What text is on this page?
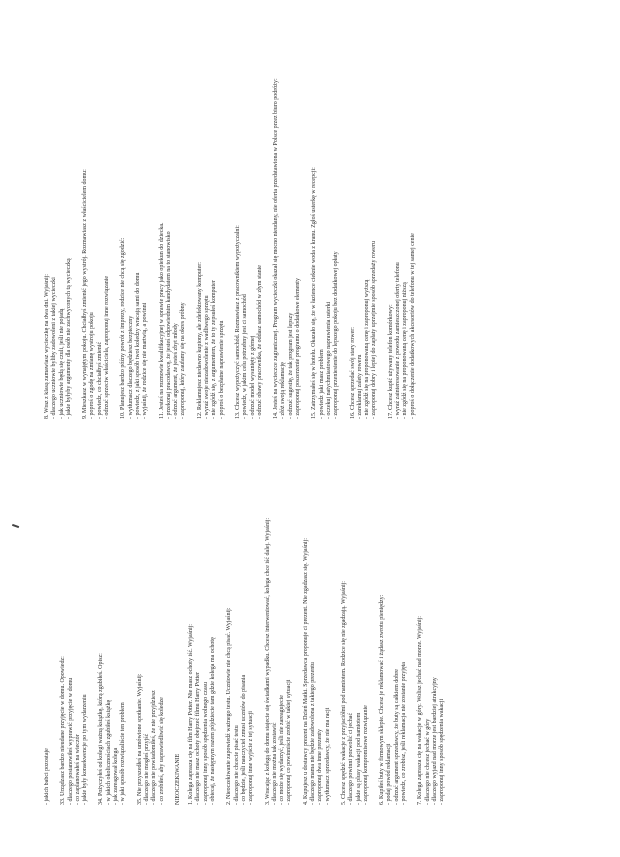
- jakich babci pozostaje 33. Urządzasz bardzo nieudane przyjęcie w domu. Opowiedz: - dlaczego postanowiłeś wyprawić przyjęcie w domu - co zaplanowałeś na wieczór - jakie były konsekwencje po tym wydarzeniu 34. Pożyczyłeś od kolegi ważną książkę, którą zgubiłeś. Opisz: - w jakich okolicznościach zgubiłeś książkę - jak zareagował kolega - w jaki sposób rozwiązaliście ten problem 35. Nie przyszedłeś na umówione spotkanie. Wyjaśnij: - dlaczego nie mogłeś przyjść - dlaczego nie powiadomiłeś, że nie przyjdziesz - co zrobiłeś, aby usprawiedliwić się koledze NIEOCZEKIWANIE 1. Kolega zaprasza cię na film Harry Potter. Nie masz ochoty iść. Wyjaśnij: - dlaczego nie masz ochoty obejrzeć filmu Harry Potter - zaproponuj inny sposób spędzenia wolnego czasu - obiecaj, że następnym razem pójdziecie tam gdzie kolega ma ochotę 2. Nieoczekiwanie zapowiedź ważnego testu. Uczniowie nie chcą pisać. Wyjaśnij: - dlaczego nie chcecie pisać testu - co będzie, jeśli nauczyciel zmusi uczniów do pisania - zaproponuj inne wyjście z tej sytuacji 3. Wracając z kolegą do domu stajecie się świadkami wypadku. Chcesz interweniować, kolega chce iść dalej. Wyjaśnij: - dlaczego nie można tak zostawić - co może się wydarzyć, jeśli nie zareagujecie - zaproponuj co powinniście zrobić w takiej sytuacji 4. Kupujesz u dostawcy prezent na Dzień Matki. Sprzedawca proponuje ci prezent. Nie zgadzasz się. Wyjaśnij: - dlaczego mama nie będzie zadowolona z takiego prezentu - zaproponuj dwa inne prezenty - wytłumacz sprzedawcy, że nie ma racji 5. Chcesz spędzić wakacje z przyjaciółmi pod namiotem. Rodzice się nie zgadzają. Wyjaśnij: - dlaczego powinni pozwolić ci jechać - jakie są plusy wakacji pod namiotem - zaproponuj kompromisowe rozwiązanie 6. Kupiłeś buty w firmowym sklepie. Chcesz je reklamować i żądasz zwrotu pieniędzy: - podaj powód reklamacji - odrzuć argument sprzedawcy, że buty są całkiem dobre - powiedz, co zrobisz, jeśli reklamacja nie zostanie przyjęta 7. Kolega zaprasza cię na wakacje w góry. Wolisz jechać nad morze. Wyjaśnij: - dlaczego nie chcesz jechać w góry - dlaczego wyjazd nad morze jest bardziej atrakcyjny - zaproponuj inny sposób spędzenia wakacji

8. Wraz z klasą zamawiasz wycieczkę na dwa dni. Wyjaśnij: - dlaczego uczniowie byliby zadowoleni z takiej wycieczki - jak uczniowie będą się czuli, jeśli nie pojadą - jakie byłyby argumenty dla osób nie zachwyconych tą wycieczką 9. Mieszkasz w wynajętym pokoju. Chciałbyś zmienić jego wystrój. Rozmawiasz z właścicielem domu: - poproś o zgodę na zmianę wystroju pokoju - powiedz, co chciałbyś zmienić - odrzuć sprzeciw właściciela, zaproponuj inne rozwiązanie 10. Planujesz bardzo późny powrót z imprezy, rodzice nie chcą się zgodzić: - wytłumacz dlaczego będziesz bezpieczny - powiedz, z jaki sposób twoi koledzy wracają sami do domu - wyjaśnij, że rodzice się nie martwią, a powinni 11. Jesteś na rozmowie kwalifikacyjnej w sprawie pracy jako opiekun do dziecka. - przekonaj pracodawcę, że jesteś odpowiednim kandydatem na to stanowisko - odrzuć argument, że jesteś zbyt młody - zaproponuj, który zaufamy się na okres próbny 12. Reklamujesz niedawno kupiony, ale zdefektowany komputer: - wyraź swoje niezadowolenie z wadliwego sprzętu - nie zgódź się, z argumentem, że to ty zepsułeś komputer - poproś o bezpłatne naprawienie sprzętu 13. Chcesz wypożyczyć samochód. Rozmawiasz z pracownikiem wypożyczalni: - powiedz, w jakim celu potrzebny jest ci samochód - odrzuć model wysunięty z górnej - odrzuć obawy pracownika, że oddasz samochód w złym stanie 14. Jesteś na wycieczce zagranicznej. Program wycieczki okazał się mocno nieudany, nie oferta przedstawiona w Polsce przez biuro podróży: - złóż swoją reklamację - odrzuć sugestię, że tak program jest lepszy - zaproponuj poszerzenie programu o dodatkowe elementy 15. Zatrzymałeś się w hotelu. Okazało się, że w łazience cieknie woda z kranu. Zgłoś usterkę w recepcji: - powiedz jaki masz problem - oczekuj natychmiastowego naprawienia usterki - zaproponuj przeniesienie do lepszego pokoju bez dodatkowej opłaty 16. Chcesz sprzedać swój stary rower: - zareklamuj zalety roweru - nie zgódź się na proponowaną cenę i zaproponuj wyższą - zaproponuj dobry i lepiej do zapłaty uprzejmie sposób sprzedaży roweru 17. Chcesz kupić używany telefon komórkowy: - wyraź zainteresowanie z powodu zamieszczonej oferty telefonu - nie zgódź się na proponowaną cenę i zaproponuj niższą - poproś o dołączenie dodatkowych akcesoriów do telefonu w tej samej cenie
